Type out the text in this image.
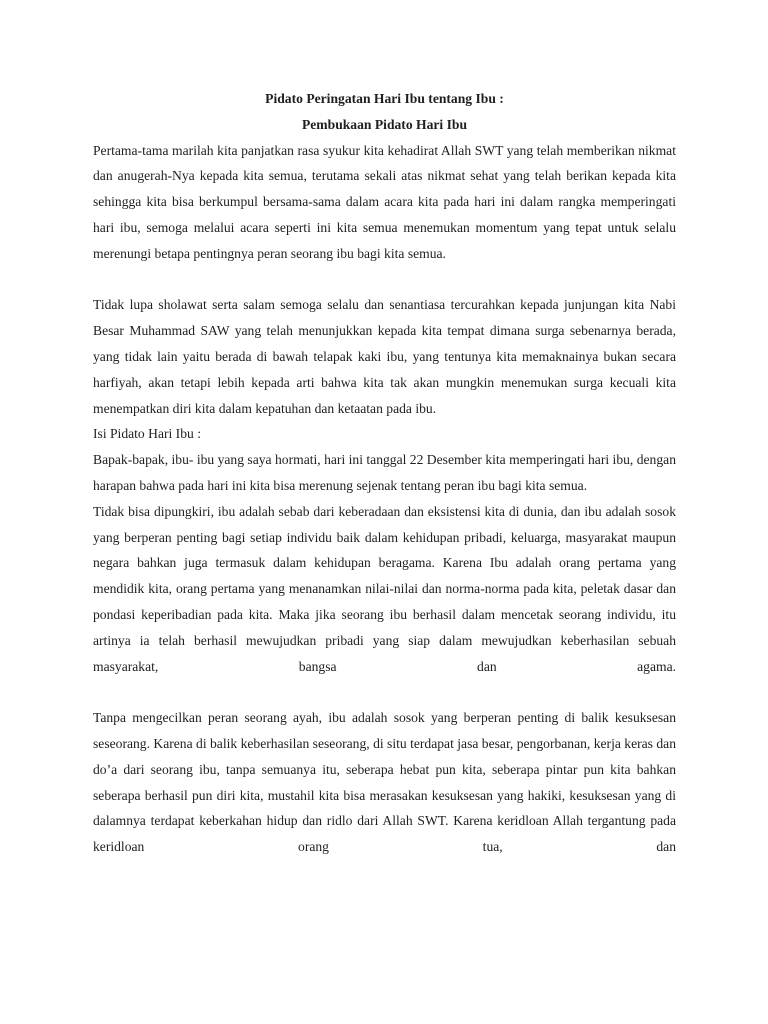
Pidato Peringatan Hari Ibu tentang Ibu :

Pembukaan Pidato Hari Ibu

Pertama-tama marilah kita panjatkan rasa syukur kita kehadirat Allah SWT yang telah memberikan nikmat dan anugerah-Nya kepada kita semua, terutama sekali atas nikmat sehat yang telah berikan kepada kita sehingga kita bisa berkumpul bersama-sama dalam acara kita pada hari ini dalam rangka memperingati hari ibu, semoga melalui acara seperti ini kita semua menemukan momentum yang tepat untuk selalu merenungi betapa pentingnya peran seorang ibu bagi kita semua.

Tidak lupa sholawat serta salam semoga selalu dan senantiasa tercurahkan kepada junjungan kita Nabi Besar Muhammad SAW yang telah menunjukkan kepada kita tempat dimana surga sebenarnya berada, yang tidak lain yaitu berada di bawah telapak kaki ibu, yang tentunya kita memaknainya bukan secara harfiyah, akan tetapi lebih kepada arti bahwa kita tak akan mungkin menemukan surga kecuali kita menempatkan diri kita dalam kepatuhan dan ketaatan pada ibu.

Isi Pidato Hari Ibu :

Bapak-bapak, ibu- ibu yang saya hormati, hari ini tanggal 22 Desember kita memperingati hari ibu, dengan harapan bahwa pada hari ini kita bisa merenung sejenak tentang peran ibu bagi kita semua.

Tidak bisa dipungkiri, ibu adalah sebab dari keberadaan dan eksistensi kita di dunia, dan ibu adalah sosok yang berperan penting bagi setiap individu baik dalam kehidupan pribadi, keluarga, masyarakat maupun negara bahkan juga termasuk dalam kehidupan beragama. Karena Ibu adalah orang pertama yang mendidik kita, orang pertama yang menanamkan nilai-nilai dan norma-norma pada kita, peletak dasar dan pondasi keperibadian pada kita. Maka jika seorang ibu berhasil dalam mencetak seorang individu, itu artinya ia telah berhasil mewujudkan pribadi yang siap dalam mewujudkan keberhasilan sebuah masyarakat, bangsa dan agama.

Tanpa mengecilkan peran seorang ayah, ibu adalah sosok yang berperan penting di balik kesuksesan seseorang. Karena di balik keberhasilan seseorang, di situ terdapat jasa besar, pengorbanan, kerja keras dan do’a dari seorang ibu, tanpa semuanya itu, seberapa hebat pun kita, seberapa pintar pun kita bahkan seberapa berhasil pun diri kita, mustahil kita bisa merasakan kesuksesan yang hakiki, kesuksesan yang di dalamnya terdapat keberkahan hidup dan ridlo dari Allah SWT. Karena keridloan Allah tergantung pada keridloan orang tua, dan
